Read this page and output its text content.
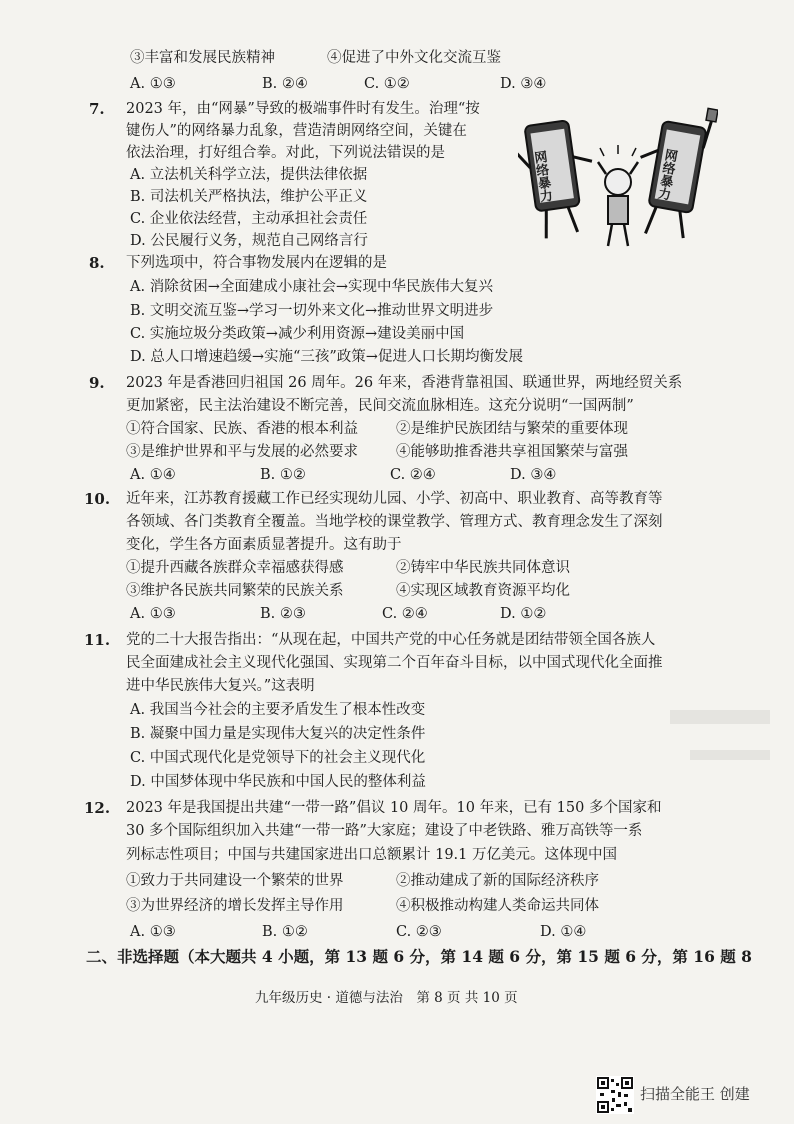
③丰富和发展民族精神	④促进了中外文化交流互鉴
A. ①③	B. ②④	C. ①②	D. ③④
7. 2023 年，由“网暴”导致的极端事件时有发生。治理“按
键伤人”的网络暴力乱象，营造清朗网络空间，关键在
依法治理，打好组合拳。对此，下列说法错误的是
A. 立法机关科学立法，提供法律依据
B. 司法机关严格执法，维护公平正义
C. 企业依法经营，主动承担社会责任
D. 公民履行义务，规范自己网络言行
网络暴力	网络暴力
8. 下列选项中，符合事物发展内在逻辑的是
A. 消除贫困→全面建成小康社会→实现中华民族伟大复兴
B. 文明交流互鉴→学习一切外来文化→推动世界文明进步
C. 实施垃圾分类政策→减少利用资源→建设美丽中国
D. 总人口增速趋缓→实施“三孩”政策→促进人口长期均衡发展
9. 2023 年是香港回归祖国 26 周年。26 年来，香港背靠祖国、联通世界，两地经贸关系
更加紧密，民主法治建设不断完善，民间交流血脉相连。这充分说明“一国两制”
①符合国家、民族、香港的根本利益	②是维护民族团结与繁荣的重要体现
③是维护世界和平与发展的必然要求	④能够助推香港共享祖国繁荣与富强
A. ①④	B. ①②	C. ②④	D. ③④
10. 近年来，江苏教育援藏工作已经实现幼儿园、小学、初高中、职业教育、高等教育等
各领域、各门类教育全覆盖。当地学校的课堂教学、管理方式、教育理念发生了深刻
变化，学生各方面素质显著提升。这有助于
①提升西藏各族群众幸福感获得感	②铸牢中华民族共同体意识
③维护各民族共同繁荣的民族关系	④实现区域教育资源平均化
A. ①③	B. ②③	C. ②④	D. ①②
11. 党的二十大报告指出：“从现在起，中国共产党的中心任务就是团结带领全国各族人
民全面建成社会主义现代化强国、实现第二个百年奋斗目标，以中国式现代化全面推
进中华民族伟大复兴。”这表明
A. 我国当今社会的主要矛盾发生了根本性改变
B. 凝聚中国力量是实现伟大复兴的决定性条件
C. 中国式现代化是党领导下的社会主义现代化
D. 中国梦体现中华民族和中国人民的整体利益
12. 2023 年是我国提出共建“一带一路”倡议 10 周年。10 年来，已有 150 多个国家和
30 多个国际组织加入共建“一带一路”大家庭；建设了中老铁路、雅万高铁等一系
列标志性项目；中国与共建国家进出口总额累计 19.1 万亿美元。这体现中国
①致力于共同建设一个繁荣的世界	②推动建成了新的国际经济秩序
③为世界经济的增长发挥主导作用	④积极推动构建人类命运共同体
A. ①③	B. ①②	C. ②③	D. ①④
二、非选择题（本大题共 4 小题，第 13 题 6 分，第 14 题 6 分，第 15 题 6 分，第 16 题 8
九年级历史 · 道德与法治　第 8 页 共 10 页
扫描全能王 创建
